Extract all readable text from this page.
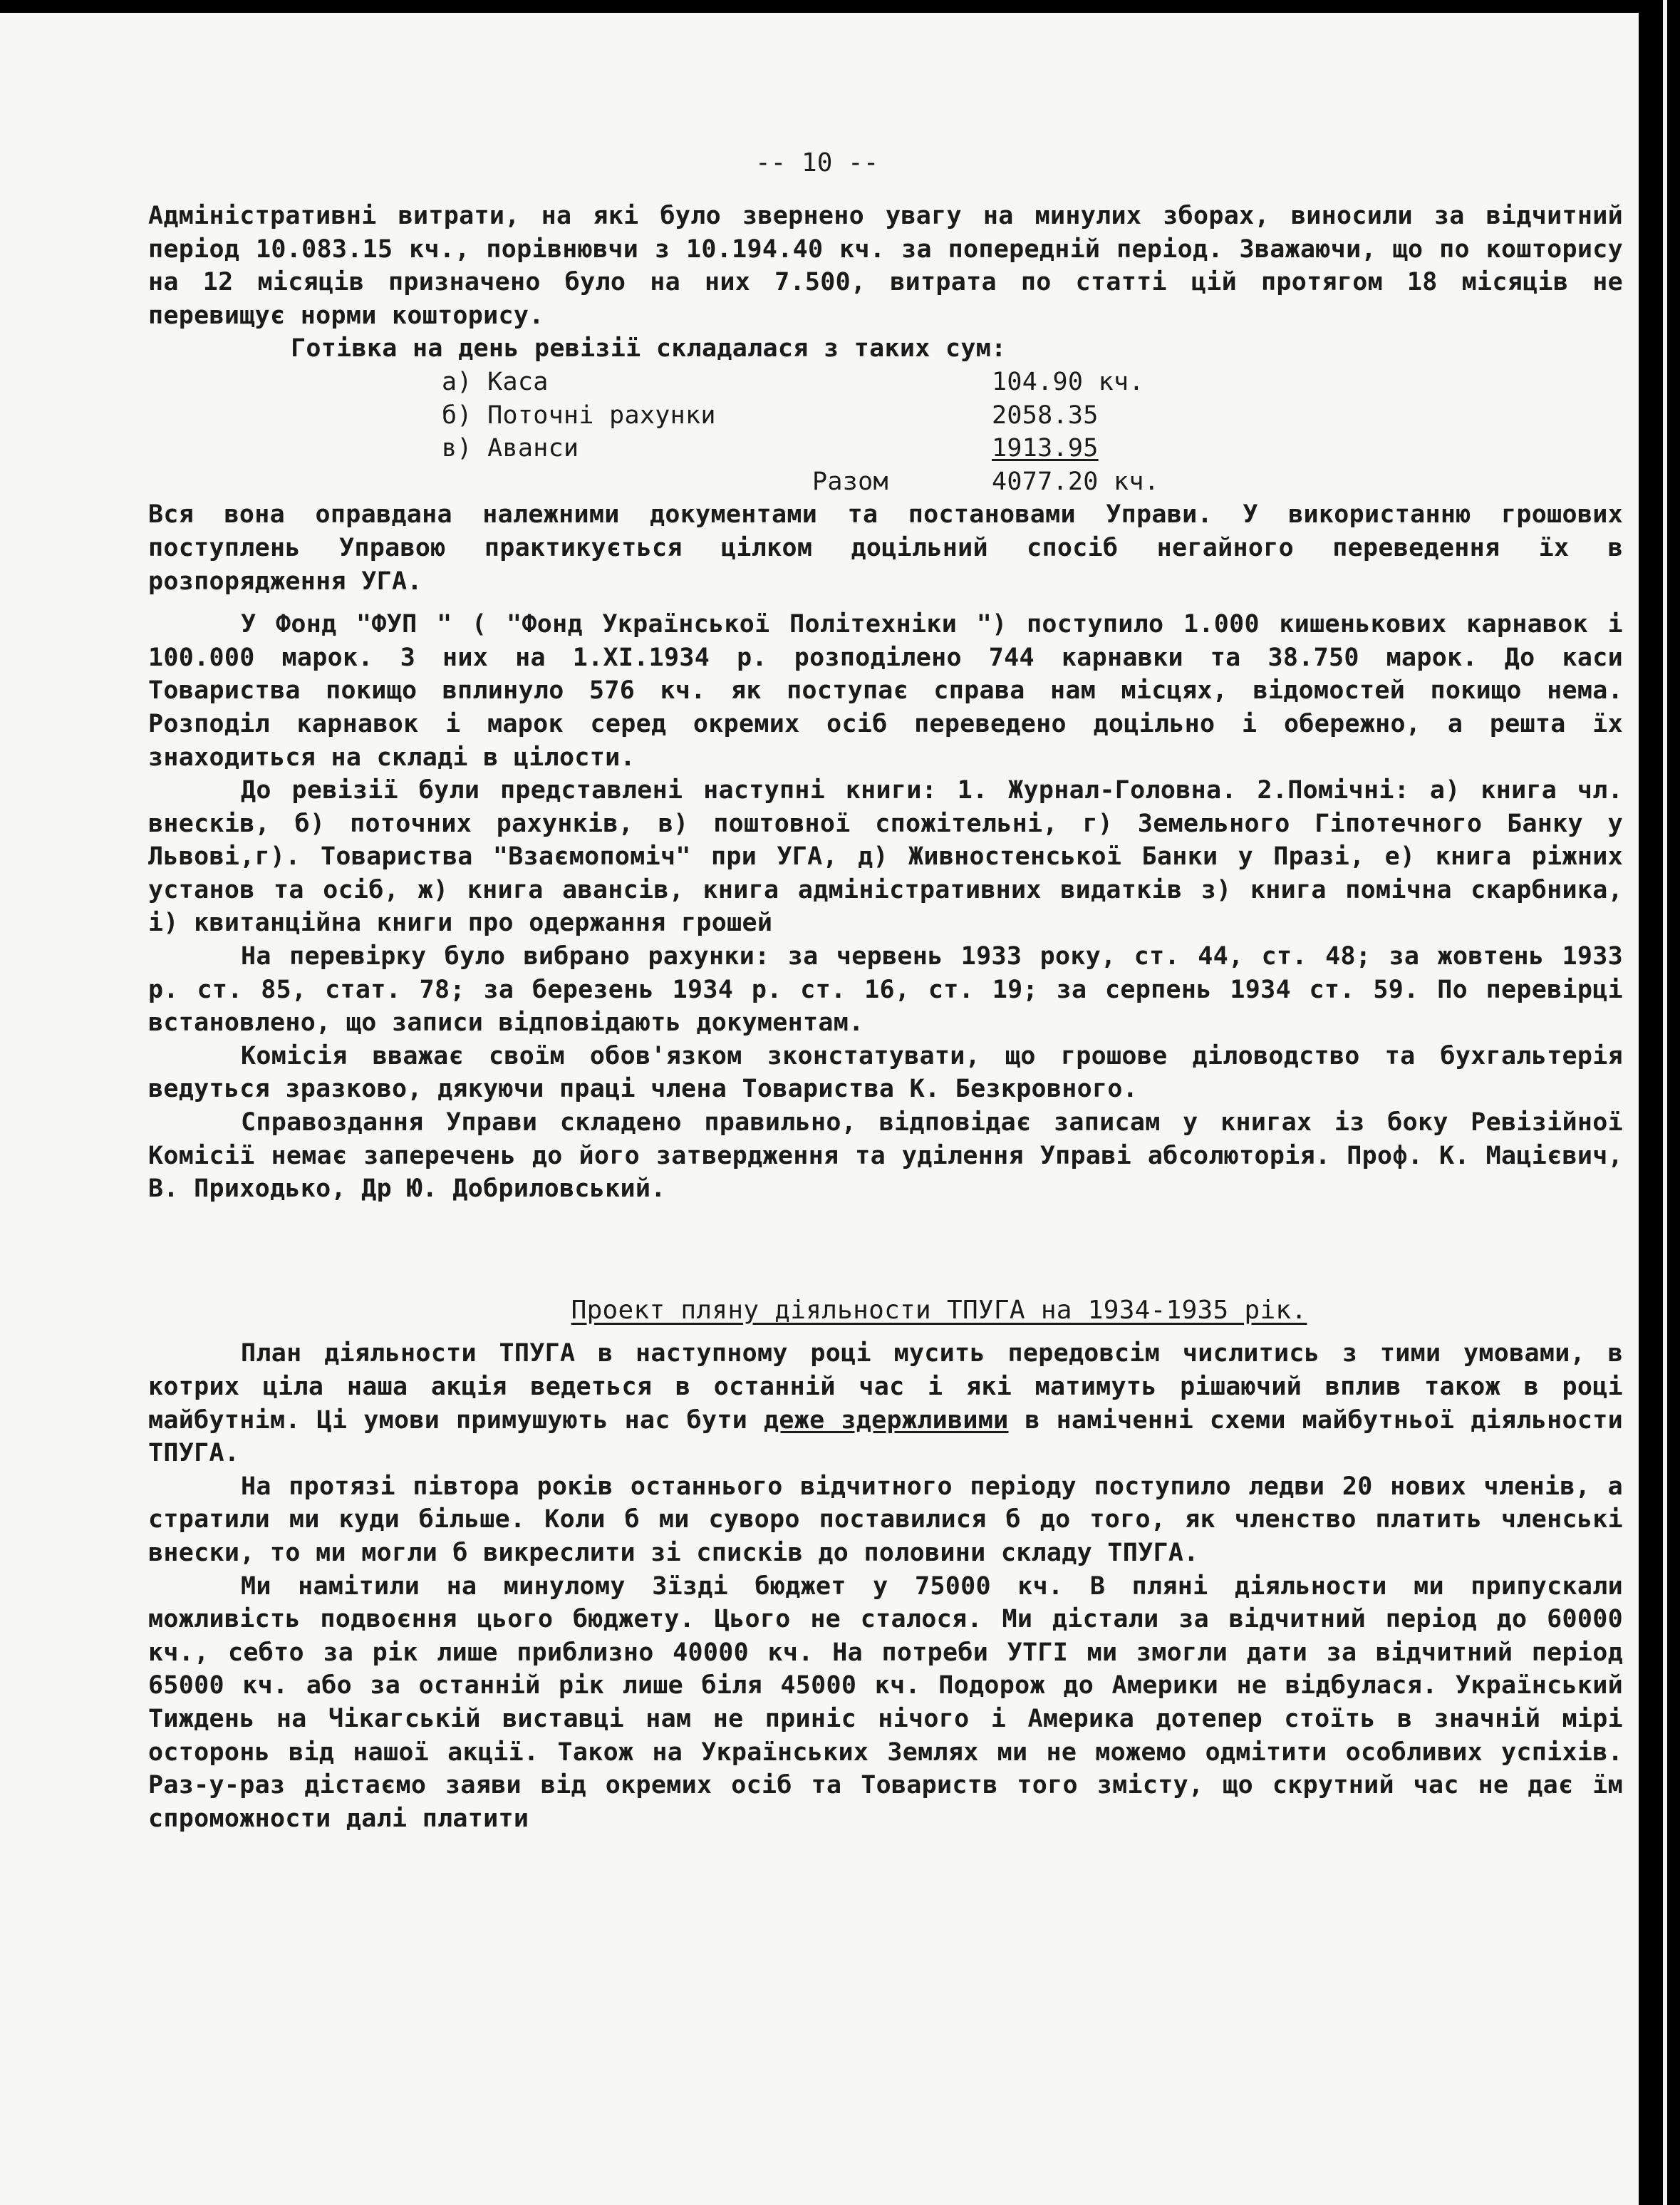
-- 10 --

Адміністративні витрати, на які було звернено увагу на минулих зборах, виносили за відчитний період 10.083.15 кч., порівнювчи з 10.194.40 кч. за попередній період. Зважаючи, що по кошторису на 12 місяців призначено було на них 7.500, витрата по статті цій протягом 18 місяців не перевищує норми кошторису.

Готівка на день ревізії складалася з таких сум:

а) Каса	104.90 кч.
б) Поточні рахунки	2058.35
в) Аванси	1913.95
Разом	4077.20 кч.

Вся вона оправдана належними документами та постановами Управи. У використанню грошових поступлень Управою практикується цілком доцільний спосіб негайного переведення їх в розпорядження УГА.

У Фонд "ФУП " ( "Фонд Української Політехніки ") поступило 1.000 кишенькових карнавок і 100.000 марок. З них на 1.XI.1934 р. розподілено 744 карнавки та 38.750 марок. До каси Товариства покищо вплинуло 576 кч. як поступає справа нам місцях, відомостей покищо нема. Розподіл карнавок і марок серед окремих осіб переведено доцільно і обережно, а решта їх знаходиться на складі в цілости.

До ревізії були представлені наступні книги: 1. Журнал-Головна. 2.Помічні: а) книга чл. внесків, б) поточних рахунків, в) поштовної спожітельні, г) Земельного Гіпотечного Банку у Львові,г). Товариства "Взаємопоміч" при УГА, д) Живностенської Банки у Празі, е) книга ріжних установ та осіб, ж) книга авансів, книга адміністративних видатків з) книга помічна скарбника, і) квитанційна книги про одержання грошей

На перевірку було вибрано рахунки: за червень 1933 року, ст. 44, ст. 48; за жовтень 1933 р. ст. 85, стат. 78; за березень 1934 р. ст. 16, ст. 19; за серпень 1934 ст. 59. По перевірці встановлено, що записи відповідають документам.

Комісія вважає своїм обов'язком зконстатувати, що грошове діловодство та бухгальтерія ведуться зразково, дякуючи праці члена Товариства К. Безкровного.

Справоздання Управи складено правильно, відповідає записам у книгах із боку Ревізійної Комісії немає заперечень до його затвердження та уділення Управі абсолюторія. Проф. К. Мацієвич, В. Приходько, Др Ю. Добриловський.

Проект пляну діяльности ТПУГА на 1934-1935 рік.

План діяльности ТПУГА в наступному році мусить передовсім числитись з тими умовами, в котрих ціла наша акція ведеться в останній час і які матимуть рішаючий вплив також в році майбутнім. Ці умови примушують нас бути деже здержливими в наміченні схеми майбутньої діяльности ТПУГА.

На протязі півтора років останнього відчитного періоду поступило ледви 20 нових членів, а стратили ми куди більше. Коли б ми суворо поставилися б до того, як членство платить членські внески, то ми могли б викреслити зі списків до половини складу ТПУГА.

Ми намітили на минулому Зїзді бюджет у 75000 кч. В пляні діяльности ми припускали можливість подвоєння цього бюджету. Цього не сталося. Ми дістали за відчитний період до 60000 кч., себто за рік лише приблизно 40000 кч. На потреби УТГІ ми змогли дати за відчитний період 65000 кч. або за останній рік лише біля 45000 кч. Подорож до Америки не відбулася. Український Тиждень на Чікагській виставці нам не приніс нічого і Америка дотепер стоїть в значній мірі осторонь від нашої акції. Також на Українських Землях ми не можемо одмітити особливих успіхів. Раз-у-раз дістаємо заяви від окремих осіб та Товариств того змісту, що скрутний час не дає їм спроможности далі платити
